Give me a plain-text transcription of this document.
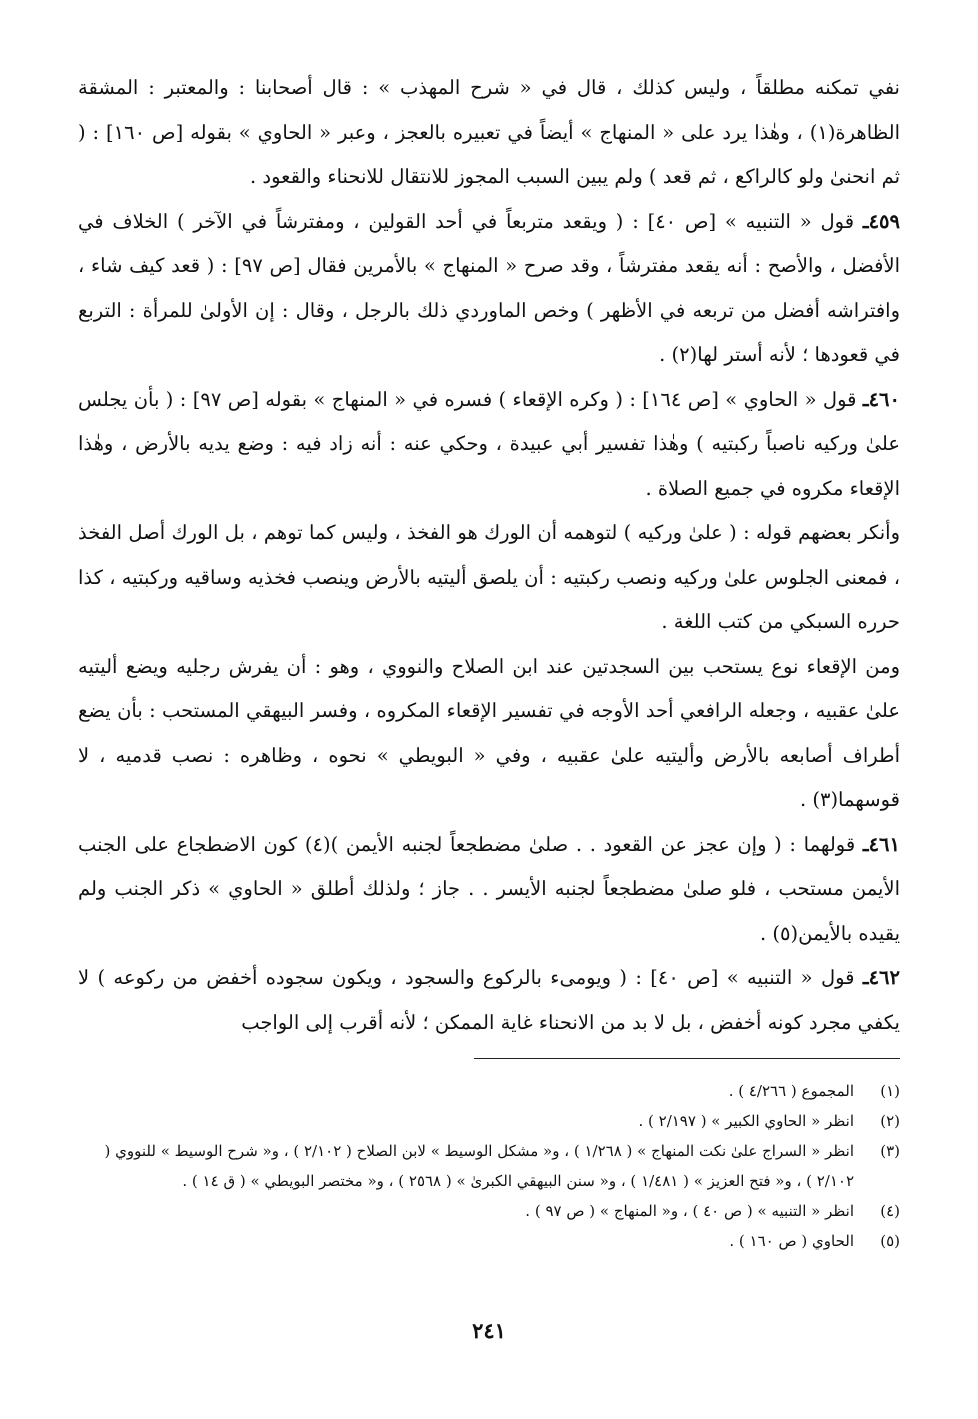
نفي تمكنه مطلقاً ، وليس كذلك ، قال في « شرح المهذب » : قال أصحابنا : والمعتبر : المشقة الظاهرة(١) ، وهٰذا يرد على « المنهاج » أيضاً في تعبيره بالعجز ، وعبر « الحاوي » بقوله [ص ١٦٠] : ( ثم انحنىٰ ولو كالراكع ، ثم قعد ) ولم يبين السبب المجوز للانتقال للانحناء والقعود .

٤٥٩ـ قول « التنبيه » [ص ٤٠] : ( ويقعد متربعاً في أحد القولين ، ومفترشاً في الآخر ) الخلاف في الأفضل ، والأصح : أنه يقعد مفترشاً ، وقد صرح « المنهاج » بالأمرين فقال [ص ٩٧] : ( قعد كيف شاء ، وافتراشه أفضل من تربعه في الأظهر ) وخص الماوردي ذلك بالرجل ، وقال : إن الأولىٰ للمرأة : التربع في قعودها ؛ لأنه أستر لها(٢) .

٤٦٠ـ قول « الحاوي » [ص ١٦٤] : ( وكره الإقعاء ) فسره في « المنهاج » بقوله [ص ٩٧] : ( بأن يجلس علىٰ وركيه ناصباً ركبتيه ) وهٰذا تفسير أبي عبيدة ، وحكي عنه : أنه زاد فيه : وضع يديه بالأرض ، وهٰذا الإقعاء مكروه في جميع الصلاة .

وأنكر بعضهم قوله : ( علىٰ وركيه ) لتوهمه أن الورك هو الفخذ ، وليس كما توهم ، بل الورك أصل الفخذ ، فمعنى الجلوس علىٰ وركيه ونصب ركبتيه : أن يلصق أليتيه بالأرض وينصب فخذيه وساقيه وركبتيه ، كذا حرره السبكي من كتب اللغة .

ومن الإقعاء نوع يستحب بين السجدتين عند ابن الصلاح والنووي ، وهو : أن يفرش رجليه ويضع أليتيه علىٰ عقبيه ، وجعله الرافعي أحد الأوجه في تفسير الإقعاء المكروه ، وفسر البيهقي المستحب : بأن يضع أطراف أصابعه بالأرض وأليتيه علىٰ عقبيه ، وفي « البويطي » نحوه ، وظاهره : نصب قدميه ، لا قوسهما(٣) .

٤٦١ـ قولهما : ( وإن عجز عن القعود . . صلىٰ مضطجعاً لجنبه الأيمن )(٤) كون الاضطجاع على الجنب الأيمن مستحب ، فلو صلىٰ مضطجعاً لجنبه الأيسر . . جاز ؛ ولذلك أطلق « الحاوي » ذكر الجنب ولم يقيده بالأيمن(٥) .

٤٦٢ـ قول « التنبيه » [ص ٤٠] : ( ويومىء بالركوع والسجود ، ويكون سجوده أخفض من ركوعه ) لا يكفي مجرد كونه أخفض ، بل لا بد من الانحناء غاية الممكن ؛ لأنه أقرب إلى الواجب

(١)
المجموع ( ٤/٢٦٦ ) .
(٢)
انظر « الحاوي الكبير » ( ٢/١٩٧ ) .
(٣)
انظر « السراج علىٰ نكت المنهاج » ( ١/٢٦٨ ) ، و« مشكل الوسيط » لابن الصلاح ( ٢/١٠٢ ) ، و« شرح الوسيط » للنووي ( ٢/١٠٢ ) ، و« فتح العزيز » ( ١/٤٨١ ) ، و« سنن البيهقي الكبرىٰ » ( ٢٥٦٨ ) ، و« مختصر البويطي » ( ق ١٤ ) .
(٤)
انظر « التنبيه » ( ص ٤٠ ) ، و« المنهاج » ( ص ٩٧ ) .
(٥)
الحاوي ( ص ١٦٠ ) .
٢٤١
